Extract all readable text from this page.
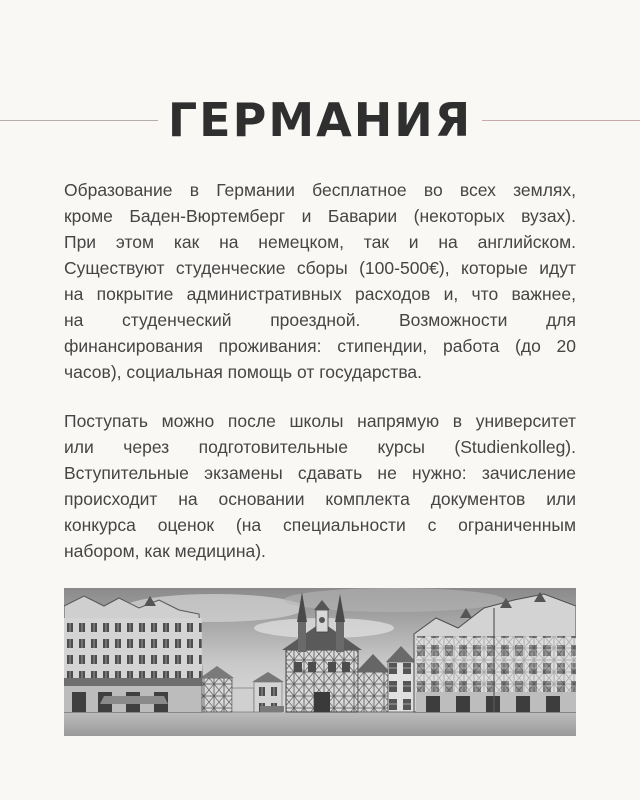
ГЕРМАНИЯ
Образование в Германии бесплатное во всех землях,
кроме Баден-Вюртемберг и Баварии (некоторых вузах).
При этом как на немецком, так и на английском.
Существуют студенческие сборы (100-500€), которые идут
на покрытие административных расходов и, что важнее,
на студенческий проездной. Возможности для
финансирования проживания: стипендии, работа (до 20
часов), социальная помощь от государства.
Поступать можно после школы напрямую в университет
или через подготовительные курсы (Studienkolleg).
Вступительные экзамены сдавать не нужно: зачисление
происходит на основании комплекта документов или
конкурса оценок (на специальности с ограниченным
набором, как медицина).
